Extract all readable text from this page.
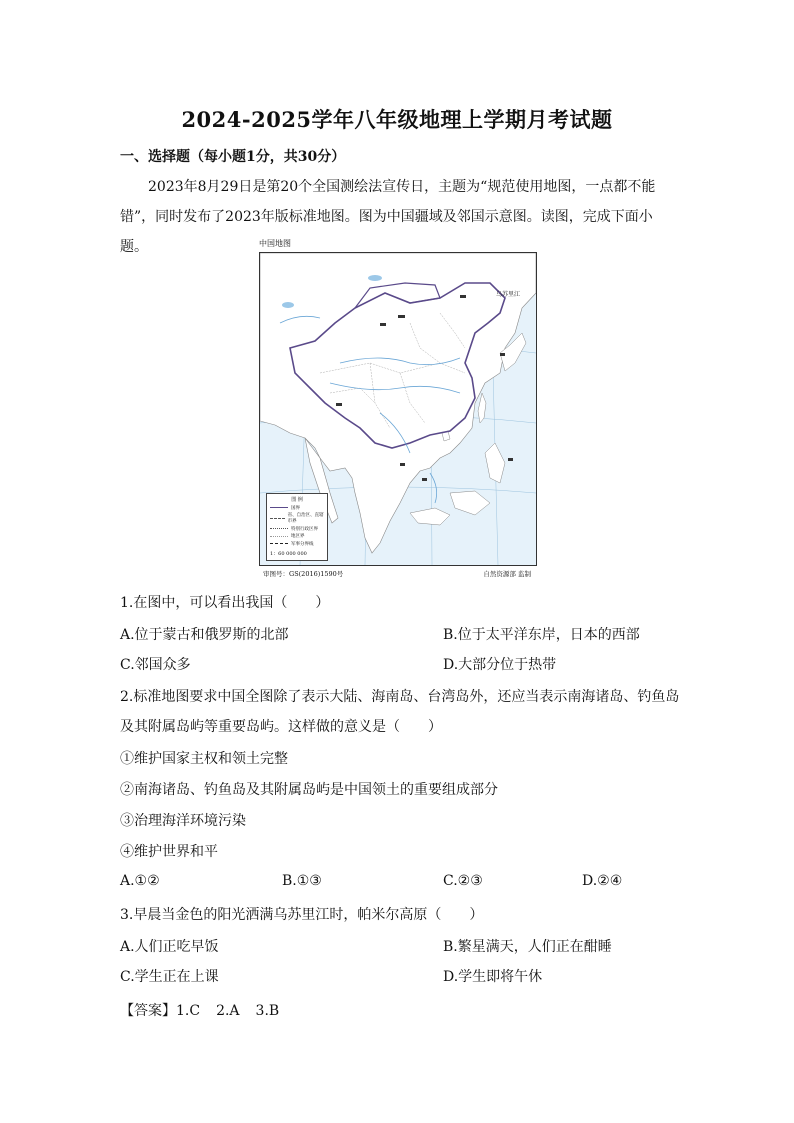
2024-2025学年八年级地理上学期月考试题
一、选择题（每小题1分，共30分）
2023年8月29日是第20个全国测绘法宣传日，主题为“规范使用地图，一点都不能
错”，同时发布了2023年版标准地图。图为中国疆域及邻国示意图。读图，完成下面小题。	中国地图
乌苏里江
图 例
国界
省、自治区、直辖市界
特别行政区界
地区界
军事分界线
1：60 000 000
审图号：GS(2016)1590号	自然资源部 监制
1.在图中，可以看出我国（　　）
A.位于蒙古和俄罗斯的北部	B.位于太平洋东岸，日本的西部
C.邻国众多	D.大部分位于热带
2.标准地图要求中国全图除了表示大陆、海南岛、台湾岛外，还应当表示南海诸岛、钓鱼岛
及其附属岛屿等重要岛屿。这样做的意义是（　　）
①维护国家主权和领土完整
②南海诸岛、钓鱼岛及其附属岛屿是中国领土的重要组成部分
③治理海洋环境污染
④维护世界和平
A.①②	B.①③	C.②③	D.②④
3.早晨当金色的阳光洒满乌苏里江时，帕米尔高原（　　）
A.人们正吃早饭	B.繁星满天，人们正在酣睡
C.学生正在上课	D.学生即将午休
【答案】1.C 2.A 3.B
